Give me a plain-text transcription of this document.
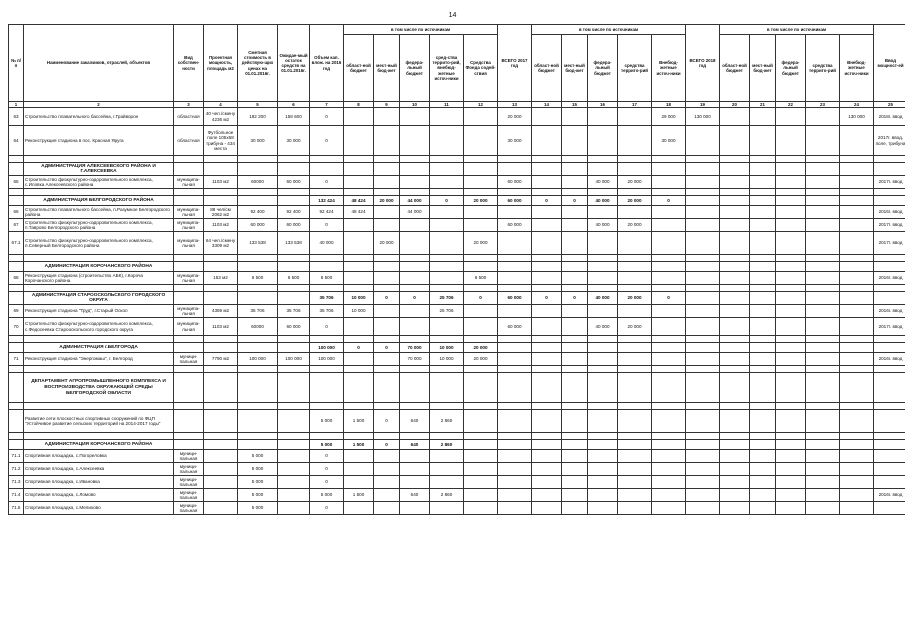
14
№ п/п	Наименование заказчиков, отраслей, объектов	Вид собствен-ности	Проектная мощность, площадь м2	Сметная стоимость в действую-щих ценах на 01.01.2016г.	Ожидае-мый остаток средств на 01.01.2016г.	Объем кап. влож. на 2016 год	в том числе по источникам					ВСЕГО 2017 год	в том числе по источникам					ВСЕГО 2018 год	в том числе по источникам					Ввод мощност-ей
							област-ной бюджет	мест-ный бюд-жет	федера-льный бюджет	сред-ства террито-рий, внебюд-жетные источ-ники	Средства Фонда содей-ствия		област-ной бюджет	мест-ный бюд-жет	федера-льный бюджет	средства террито-рий	Внебюд-жетные источ-ники		област-ной бюджет	мест-ный бюд-жет	федера-льный бюджет	средства террито-рий	Внебюд-жетные источ-ники	
1	2	3	4	5	6	7	8	9	10	11	12	13	14	15	16	17	18	19	20	21	22	23	24	25
63	Строительство плавательного бассейна, г.Грайворон	областная	40 чел./смену 4236 м2	182 200	158 600	0						20 000					29 000	130 000					130 000	2018г. ввод
64	Реконструкция стадиона в пос. Красная Яруга	областная	Футбольное поле 105х68 трибуна - 434 места	30 000	30 000	0						30 000					30 000							2017г. ввод, поле, трибуна

	АДМИНИСТРАЦИЯ АЛЕКСЕЕВСКОГО РАЙОНА И Г.АЛЕКСЕЕВКА																							
65	Строительство физкультурно-оздоровительного комплекса, с.Иловка Алексеевского района	муниципа-льная	1103 м2	60000	60 000	0						60 000			40 000	20 000								2017г. ввод

	АДМИНИСТРАЦИЯ БЕЛГОРОДСКОГО РАЙОНА					132 424	48 424	20 000	44 000	0	20 000	60 000	0	0	40 000	20 000	0							
66	Строительство плавательного бассейна, п.Разумное Белгородского района	муниципа-льная	88 чел/см 2062 м2	92 400	92 400	92 424	48 424		44 000															2016г. ввод
67	Строительство физкультурно-оздоровительного комплекса, п.Тавровo Белгородского района	муниципа-льная	1103 м2	60 000	60 000	0						60 000			40 000	20 000								2017г. ввод
67.1	Строительство физкультурно-оздоровительного комплекса, п.Северный Белгородского района	муниципа-льная	64 чел./смену 3309 м2	133 538	133 538	40 000		20 000			20 000													2017г. ввод

	АДМИНИСТРАЦИЯ КОРОЧАНСКОГО РАЙОНА																							
68	Реконструкция стадиона (строительство АБК), г.Короча Корочанского района	муниципа-льная	153 м2	6 500	6 500	6 500					6 500													2016г. ввод

	АДМИНИСТРАЦИЯ СТАРООСКОЛЬСКОГО ГОРОДСКОГО ОКРУГА					35 706	10 000	0	0	25 706	0	60 000	0	0	40 000	20 000	0							
69	Реконструкция стадиона "Труд", г.Старый Оскол	муниципа-льная	4369 м2	35 706	35 706	35 706	10 000			25 706														2016г. ввод
70	Строительство физкультурно-оздоровительного комплекса, с.Федосеевка Старооскольского городского округа	муниципа-льная	1103 м2	60000	60 000	0						60 000			40 000	20 000								2017г. ввод

	АДМИНИСТРАЦИЯ г.БЕЛГОРОДА					100 000	0	0	70 000	10 000	20 000													
71	Реконструкция стадиона "Энергомаш", г. Белгород	муници-пальная	7790 м2	100 000	100 000	100 000			70 000	10 000	20 000													2016г. ввод

	ДЕПАРТАМЕНТ АГРОПРОМЫШЛЕННОГО КОМПЛЕКСА И ВОСПРОИЗВОДСТВА ОКРУЖАЮЩЕЙ СРЕДЫ БЕЛГОРОДСКОЙ ОБЛАСТИ																							

	Развитие сети плоскостных спортивных сооружений по ФЦП "Устойчивое развитие сельских территорий на 2014-2017 годы"					5 000	1 500	0	640	2 860														

	АДМИНИСТРАЦИЯ КОРОЧАНСКОГО РАЙОНА					5 000	1 500	0	640	2 860														
71.1	Спортивная площадка, с.Погореловка	муници-пальная		5 000		0																		
71.2	Спортивная площадка, с.Алексеевка	муници-пальная		5 000		0																		
71.3	Спортивная площадка, с.Ивановка	муници-пальная		5 000		0																		
71.4	Спортивная площадка, с.Ломово	муници-пальная		5 000		5 000	1 500		640	2 860														2016г. ввод
71.5	Спортивная площадка, с.Мелихово	муници-пальная		5 000		0																		
